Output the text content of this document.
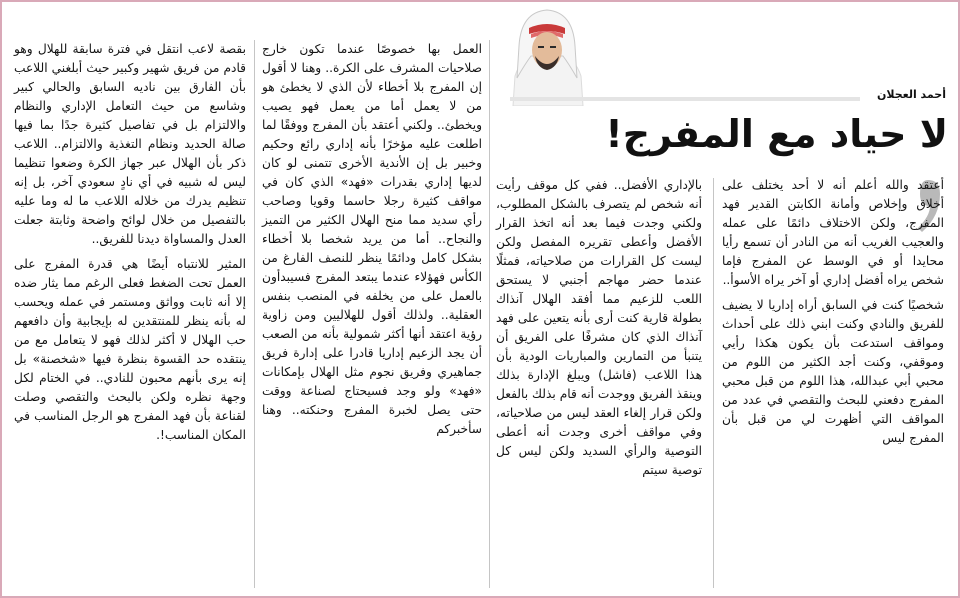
أحمد العجلان
لا حياد مع المفرج!

أعتقد والله أعلم أنه لا أحد يختلف على أخلاق وإخلاص وأمانة الكابتن القدير فهد المفرج، ولكن الاختلاف دائمًا على عمله والعجيب الغريب أنه من النادر أن تسمع رأيا محايدا أو في الوسط عن المفرج فإما شخص يراه أفضل إداري أو آخر يراه الأسوأ..

شخصيًا كنت في السابق أراه إداريا لا يضيف للفريق والنادي وكنت ابني ذلك على أحداث ومواقف استدعت بأن يكون هكذا رأيي وموقفي، وكنت أجد الكثير من اللوم من محبي أبي عبدالله، هذا اللوم من قبل محبي المفرج دفعني للبحث والتقصي في عدد من المواقف التي أظهرت لي من قبل بأن المفرج ليس

بالإداري الأفضل.. ففي كل موقف رأيت أنه شخص لم يتصرف بالشكل المطلوب، ولكني وجدت فيما بعد أنه اتخذ القرار الأفضل وأعطى تقريره المفصل ولكن ليست كل القرارات من صلاحياته، فمثلًا عندما حضر مهاجم أجنبي لا يستحق اللعب للزعيم مما أفقد الهلال آنذاك بطولة قارية كنت أرى بأنه يتعين على فهد آنذاك الذي كان مشرفًا على الفريق أن يتنبأ من التمارين والمباريات الودية بأن هذا اللاعب (فاشل) ويبلغ الإدارة بذلك وينقذ الفريق ووجدت أنه قام بذلك بالفعل ولكن قرار إلغاء العقد ليس من صلاحياته، وفي مواقف أخرى وجدت أنه أعطى التوصية والرأي السديد ولكن ليس كل توصية سيتم

العمل بها خصوصًا عندما تكون خارج صلاحيات المشرف على الكرة.. وهنا لا أقول إن المفرج بلا أخطاء لأن الذي لا يخطئ هو من لا يعمل أما من يعمل فهو يصيب ويخطئ.. ولكني أعتقد بأن المفرج ووفقًا لما اطلعت عليه مؤخرًا بأنه إداري رائع وحكيم وخبير بل إن الأندية الأخرى تتمنى لو كان لديها إداري بقدرات «فهد» الذي كان في مواقف كثيرة رجلا حاسما وقويا وصاحب رأي سديد مما منح الهلال الكثير من التميز والنجاح.. أما من يريد شخصا بلا أخطاء بشكل كامل ودائمًا ينظر للنصف الفارغ من الكأس فهؤلاء عندما يبتعد المفرج فسيبدأون بالعمل على من يخلفه في المنصب بنفس العقلية.. ولذلك أقول للهلاليين ومن زاوية رؤية اعتقد أنها أكثر شمولية بأنه من الصعب أن يجد الزعيم إداريا قادرا على إدارة فريق جماهيري وفريق نجوم مثل الهلال بإمكانات «فهد» ولو وجد فسيحتاج لصناعة ووقت حتى يصل لخبرة المفرج وحنكته.. وهنا سأخبركم

بقصة لاعب انتقل في فترة سابقة للهلال وهو قادم من فريق شهير وكبير حيث أبلغني اللاعب بأن الفارق بين ناديه السابق والحالي كبير وشاسع من حيث التعامل الإداري والنظام والالتزام بل في تفاصيل كثيرة جدًا بما فيها صالة الحديد ونظام التغذية والالتزام.. اللاعب ذكر بأن الهلال عبر جهاز الكرة وضعوا تنظيما ليس له شبيه في أي نادٍ سعودي آخر، بل إنه تنظيم يدرك من خلاله اللاعب ما له وما عليه بالتفصيل من خلال لوائح واضحة وثابتة جعلت العدل والمساواة ديدنا للفريق..

المثير للانتباه أيضًا هي قدرة المفرج على العمل تحت الضغط فعلى الرغم مما يثار ضده إلا أنه ثابت وواثق ومستمر في عمله ويحسب له بأنه ينظر للمنتقدين له بإيجابية وأن دافعهم حب الهلال لا أكثر لذلك فهو لا يتعامل مع من ينتقده حد القسوة بنظرة فيها «شخصنة» بل إنه يرى بأنهم محبون للنادي.. في الختام لكل وجهة نظره ولكن بالبحث والتقصي وصلت لقناعة بأن فهد المفرج هو الرجل المناسب في المكان المناسب!.
